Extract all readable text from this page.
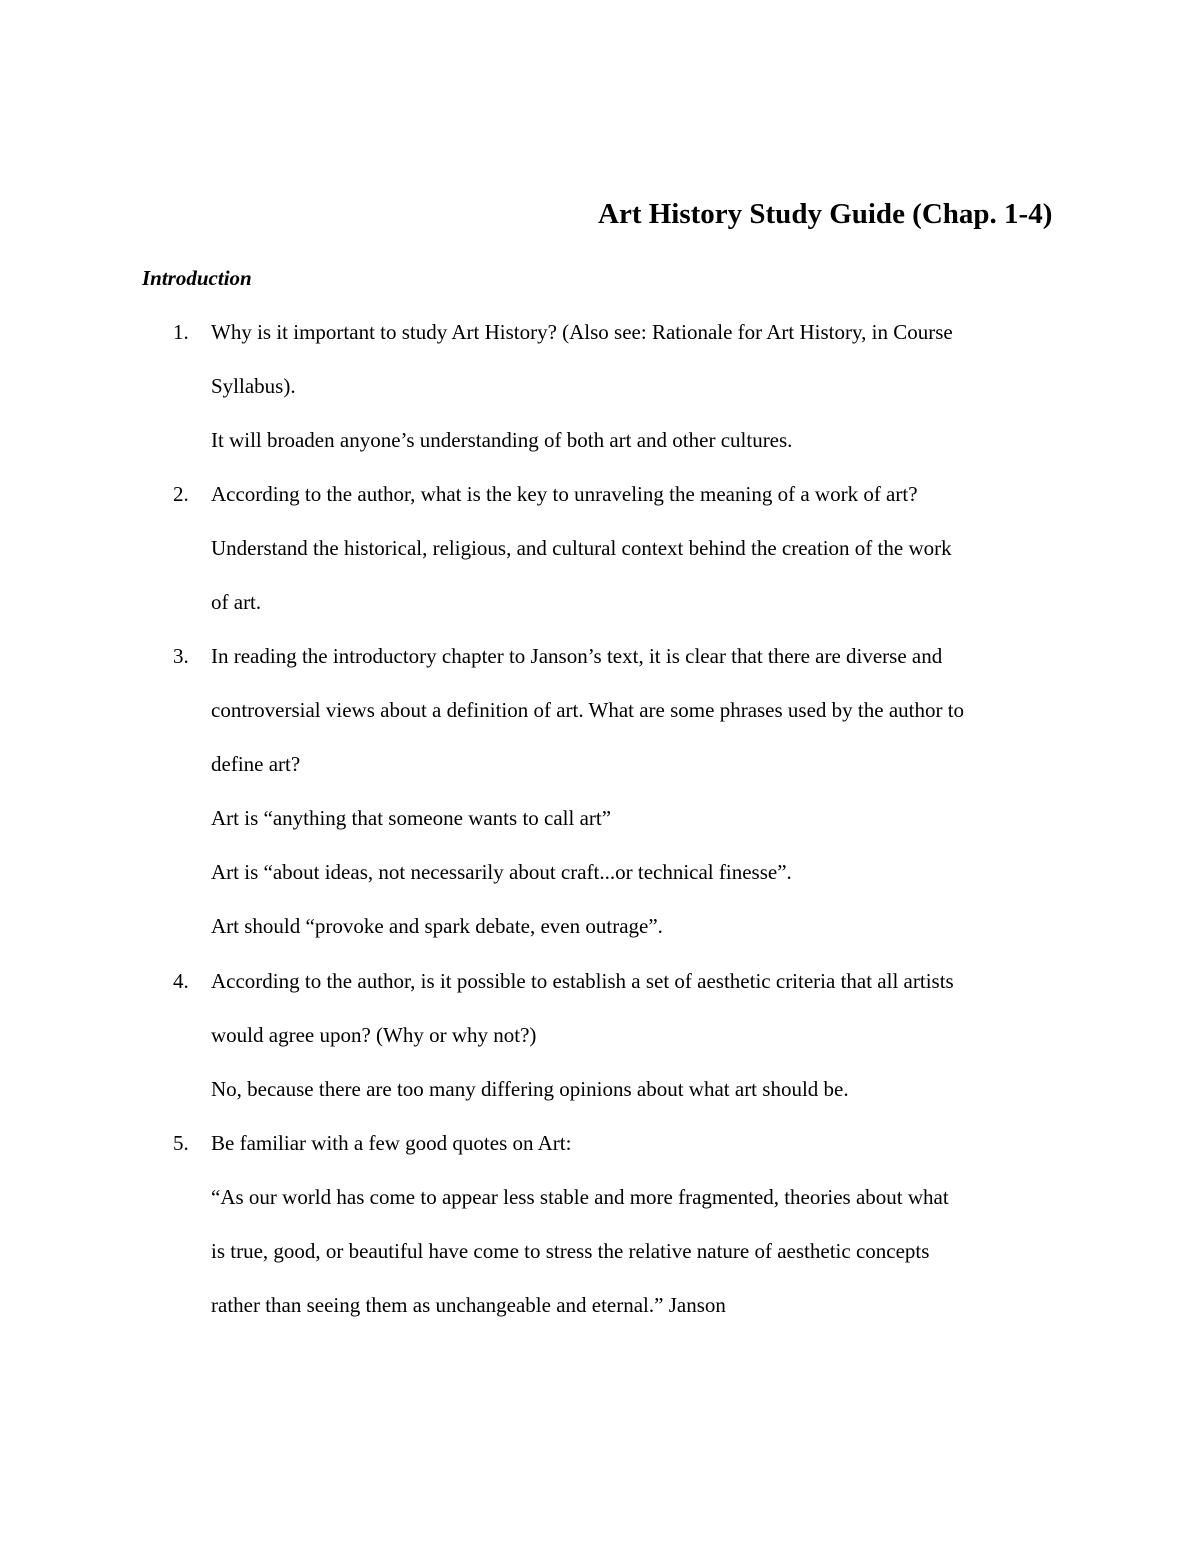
Art History Study Guide (Chap. 1-4)
Introduction
1. Why is it important to study Art History? (Also see: Rationale for Art History, in Course
Syllabus).
It will broaden anyone’s understanding of both art and other cultures.
2. According to the author, what is the key to unraveling the meaning of a work of art?
Understand the historical, religious, and cultural context behind the creation of the work
of art.
3. In reading the introductory chapter to Janson’s text, it is clear that there are diverse and
controversial views about a definition of art. What are some phrases used by the author to
define art?
Art is “anything that someone wants to call art”
Art is “about ideas, not necessarily about craft...or technical finesse”.
Art should “provoke and spark debate, even outrage”.
4. According to the author, is it possible to establish a set of aesthetic criteria that all artists
would agree upon? (Why or why not?)
No, because there are too many differing opinions about what art should be.
5. Be familiar with a few good quotes on Art:
“As our world has come to appear less stable and more fragmented, theories about what
is true, good, or beautiful have come to stress the relative nature of aesthetic concepts
rather than seeing them as unchangeable and eternal.” Janson
